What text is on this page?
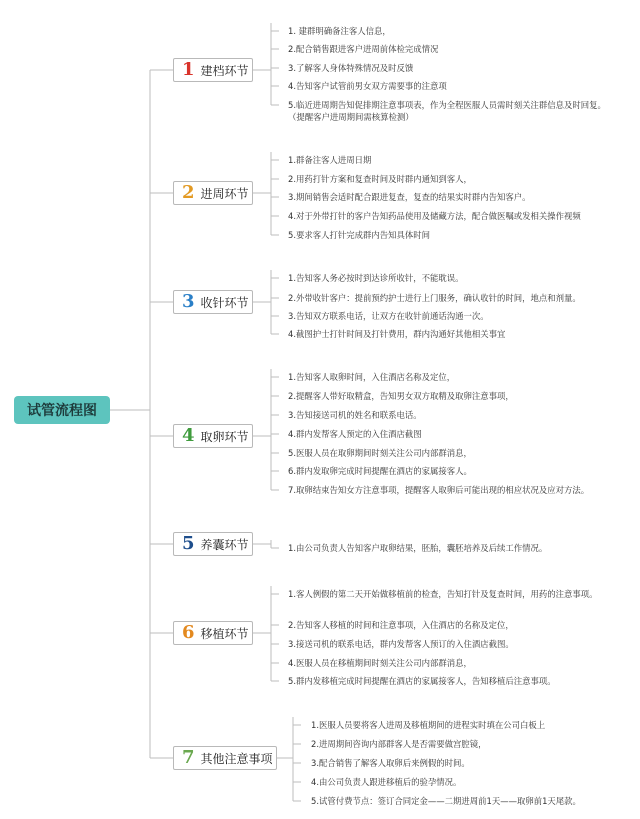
试管流程图
1 建档环节
1. 建群明确备注客人信息，
2.配合销售跟进客户进周前体检完成情况
3.了解客人身体特殊情况及时反馈
4.告知客户试管前男女双方需要事的注意项
5.临近进周期告知促排期注意事项表，作为全程医服人员需时刻关注群信息及时回复。（提醒客户进周期间需核算检测）
2 进周环节
1.群备注客人进周日期
2.用药打针方案和复查时间及时群内通知到客人，
3.期间销售会适时配合跟进复查，复查的结果实时群内告知客户。
4.对于外带打针的客户告知药品使用及储藏方法，配合做医嘱或发相关操作视频
5.要求客人打针完成群内告知具体时间
3 收针环节
1.告知客人务必按时到达诊所收针，不能耽误。
2.外带收针客户：提前预约护士进行上门服务，确认收针的时间，地点和剂量。
3.告知双方联系电话，让双方在收针前通话沟通一次。
4.截图护士打针时间及打针费用，群内沟通好其他相关事宜
4 取卵环节
1.告知客人取卵时间，入住酒店名称及定位，
2.提醒客人带好取精盒，告知男女双方取精及取卵注意事项，
3.告知接送司机的姓名和联系电话。
4.群内发帮客人预定的入住酒店截图
5.医服人员在取卵期间时刻关注公司内部群消息，
6.群内发取卵完成时间提醒在酒店的家属接客人。
7.取卵结束告知女方注意事项，提醒客人取卵后可能出现的相应状况及应对方法。
5 养囊环节	1.由公司负责人告知客户取卵结果，胚胎，囊胚培养及后续工作情况。
6 移植环节
1.客人例假的第二天开始做移植前的检查，告知打针及复查时间，用药的注意事项。
2.告知客人移植的时间和注意事项，入住酒店的名称及定位，
3.接送司机的联系电话，群内发帮客人预订的入住酒店截图。
4.医服人员在移植期间时刻关注公司内部群消息，
5.群内发移植完成时间提醒在酒店的家属接客人，告知移植后注意事项。
7 其他注意事项
1.医服人员要将客人进周及移植期间的进程实时填在公司白板上
2.进周期间咨询内部群客人是否需要做宫腔镜，
3.配合销售了解客人取卵后来例假的时间。
4.由公司负责人跟进移植后的验孕情况。
5.试管付费节点：签订合同定金——二期进周前1天——取卵前1天尾款。
